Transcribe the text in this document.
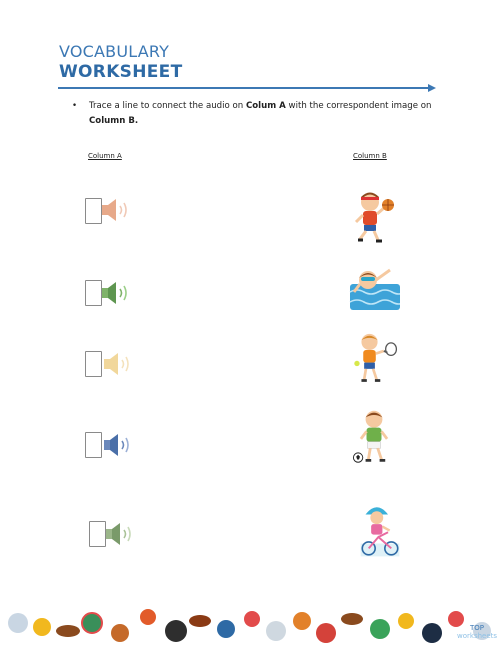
VOCABULARY
WORKSHEET
•	Trace a line to connect the audio on Colum A with the correspondent image on
Column B.
Column A	Column B
TOP
worksheets
